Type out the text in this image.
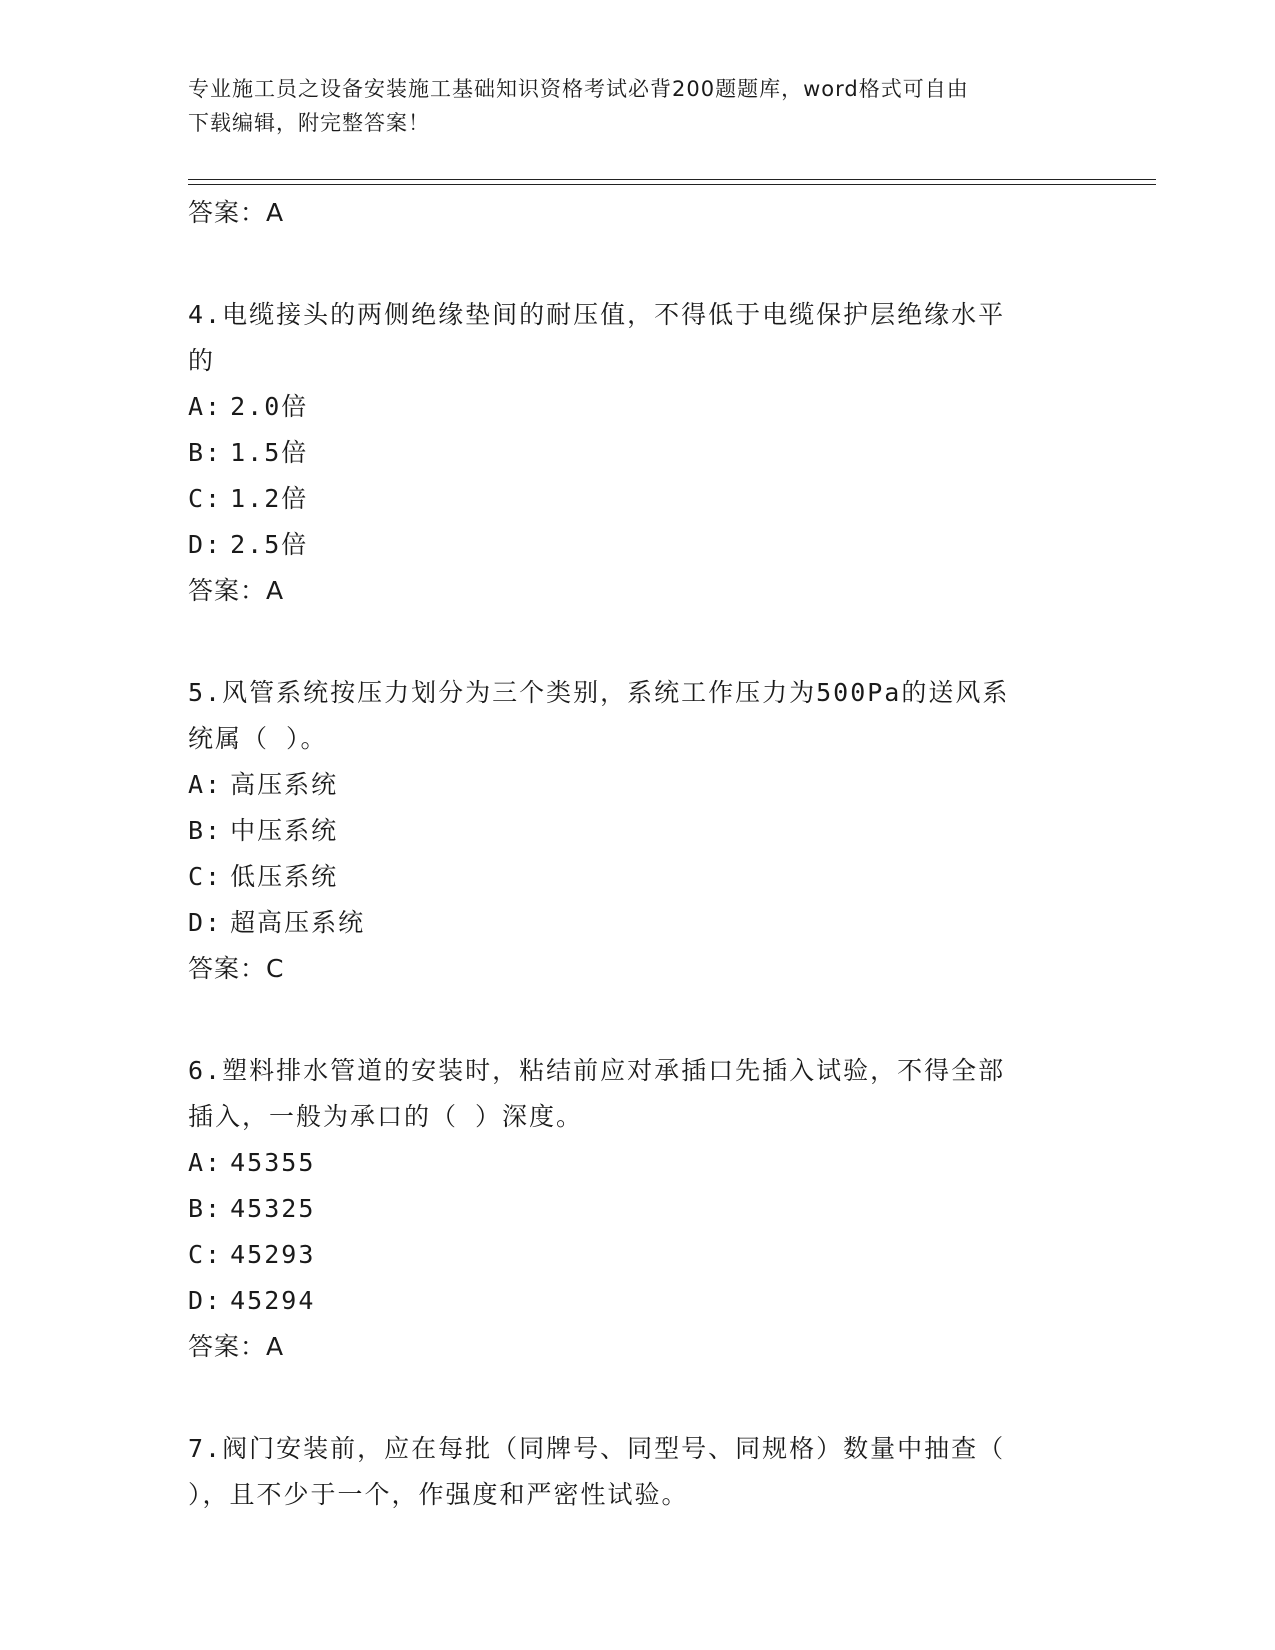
专业施工员之设备安装施工基础知识资格考试必背200题题库，word格式可自由
下载编辑，附完整答案！

答案：A

4.电缆接头的两侧绝缘垫间的耐压值，不得低于电缆保护层绝缘水平

的

A: 2.0倍

B: 1.5倍

C: 1.2倍

D: 2.5倍

答案：A

5.风管系统按压力划分为三个类别，系统工作压力为500Pa的送风系

统属（ ）。

A: 高压系统

B: 中压系统

C: 低压系统

D: 超高压系统

答案：C

6.塑料排水管道的安装时，粘结前应对承插口先插入试验，不得全部

插入，一般为承口的（ ）深度。

A: 45355

B: 45325

C: 45293

D: 45294

答案：A

7.阀门安装前，应在每批（同牌号、同型号、同规格）数量中抽查（

），且不少于一个，作强度和严密性试验。
